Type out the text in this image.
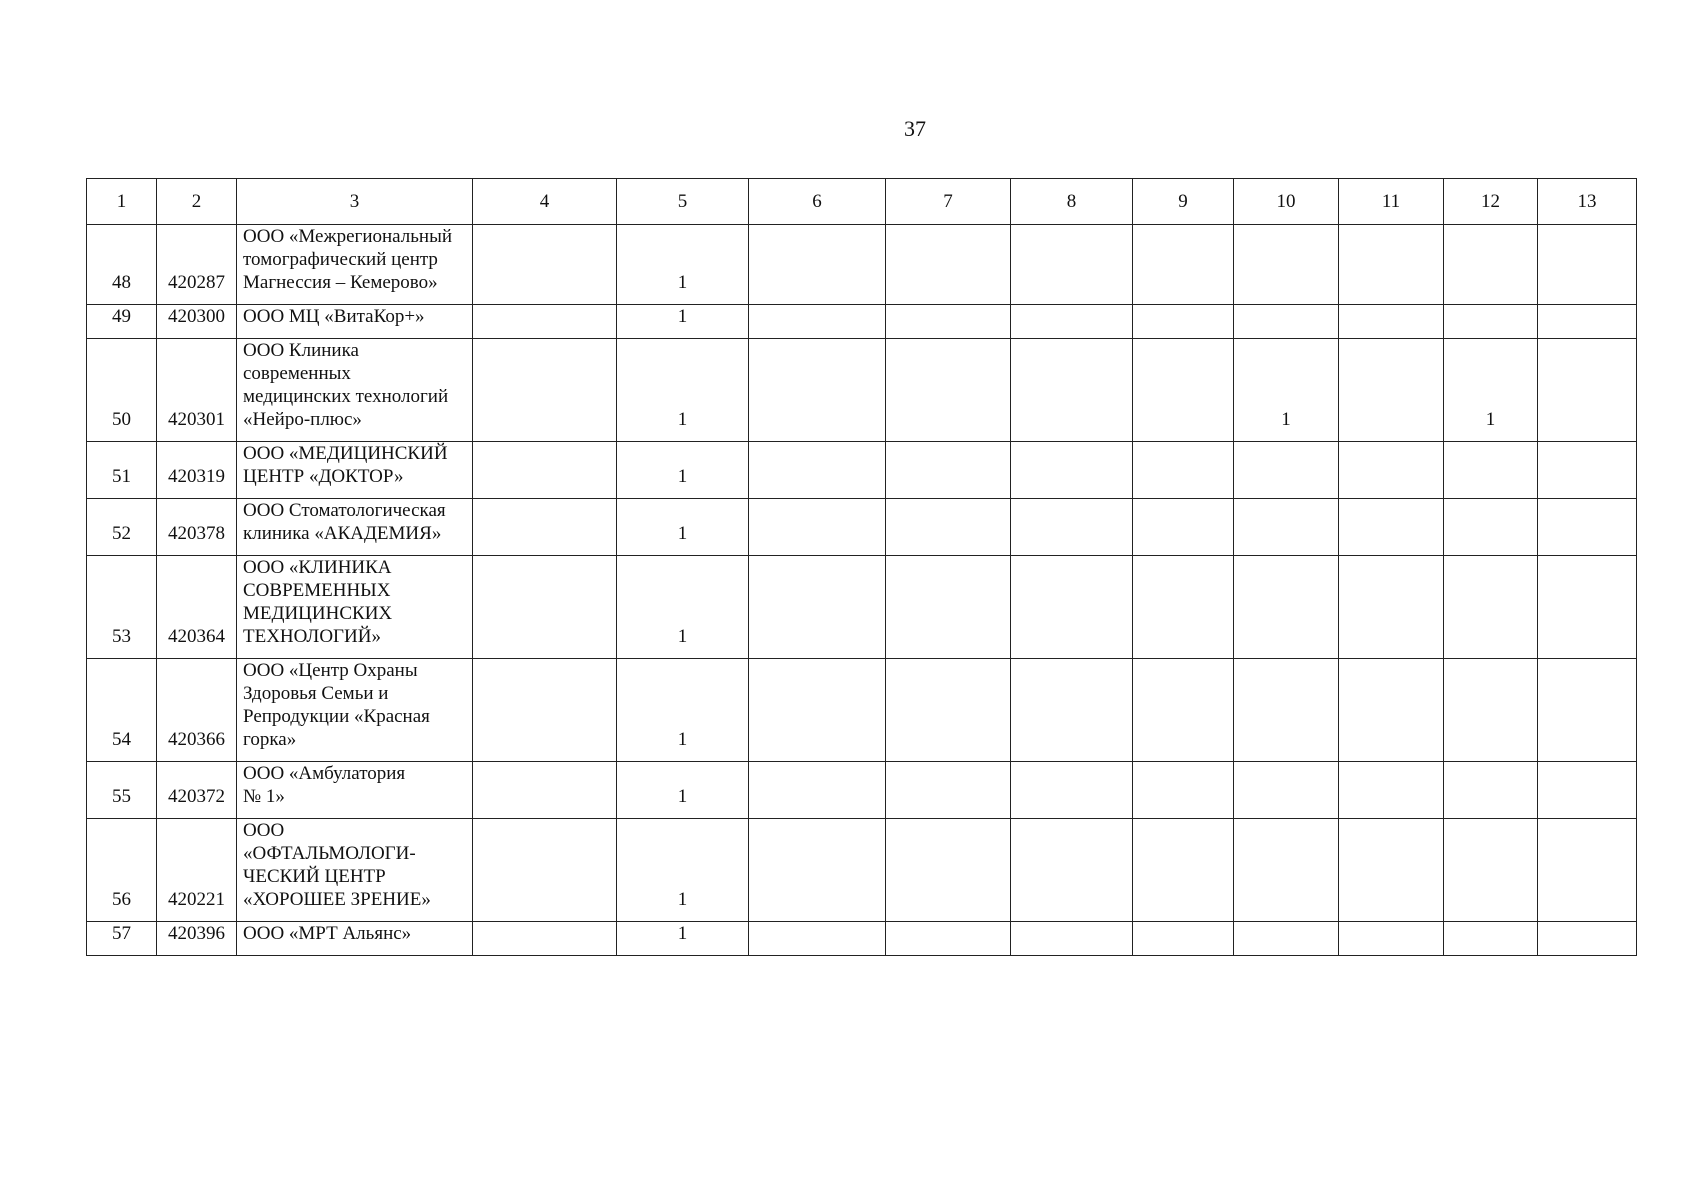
37
1	2	3	4	5	6	7	8	9	10	11	12	13
48	420287	ООО «Межрегиональный
томографический центр
Магнессия – Кемерово»		1								
49	420300	ООО МЦ «ВитаКор+»		1								
50	420301	ООО Клиника
современных
медицинских технологий
«Нейро-плюс»		1					1		1	
51	420319	ООО «МЕДИЦИНСКИЙ
ЦЕНТР «ДОКТОР»		1								
52	420378	ООО Стоматологическая
клиника «АКАДЕМИЯ»		1								
53	420364	ООО «КЛИНИКА
СОВРЕМЕННЫХ
МЕДИЦИНСКИХ
ТЕХНОЛОГИЙ»		1								
54	420366	ООО «Центр Охраны
Здоровья Семьи и
Репродукции «Красная
горка»		1								
55	420372	ООО «Амбулатория
№ 1»		1								
56	420221	ООО
«ОФТАЛЬМОЛОГИ-
ЧЕСКИЙ ЦЕНТР
«ХОРОШЕЕ ЗРЕНИЕ»		1								
57	420396	ООО «МРТ Альянс»		1								
